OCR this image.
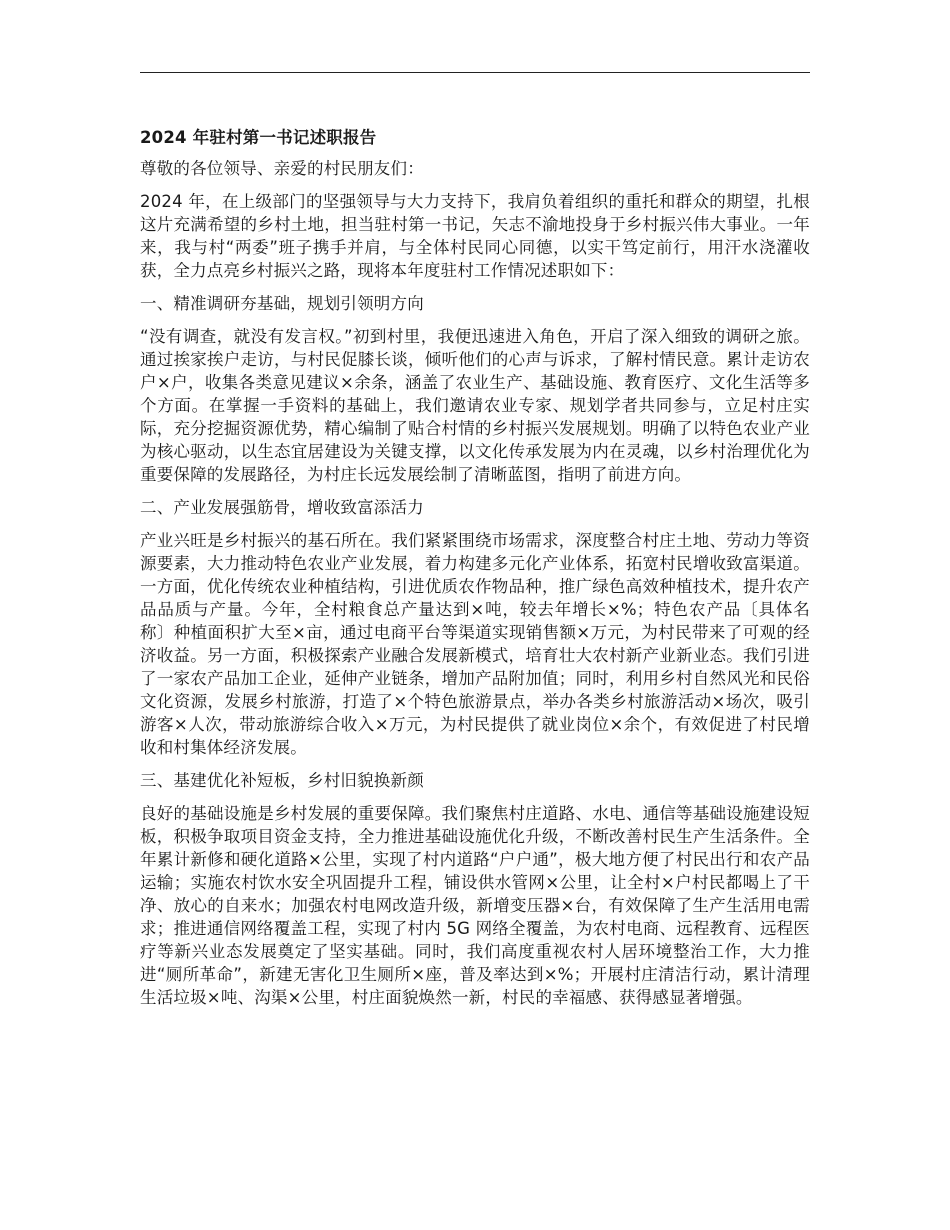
2024 年驻村第一书记述职报告

尊敬的各位领导、亲爱的村民朋友们：

2024 年，在上级部门的坚强领导与大力支持下，我肩负着组织的重托和群众的期望，扎根这片充满希望的乡村土地，担当驻村第一书记，矢志不渝地投身于乡村振兴伟大事业。一年来，我与村“两委”班子携手并肩，与全体村民同心同德，以实干笃定前行，用汗水浇灌收获，全力点亮乡村振兴之路，现将本年度驻村工作情况述职如下：

一、精准调研夯基础，规划引领明方向

“没有调查，就没有发言权。”初到村里，我便迅速进入角色，开启了深入细致的调研之旅。通过挨家挨户走访，与村民促膝长谈，倾听他们的心声与诉求，了解村情民意。累计走访农户×户，收集各类意见建议×余条，涵盖了农业生产、基础设施、教育医疗、文化生活等多个方面。在掌握一手资料的基础上，我们邀请农业专家、规划学者共同参与，立足村庄实际，充分挖掘资源优势，精心编制了贴合村情的乡村振兴发展规划。明确了以特色农业产业为核心驱动，以生态宜居建设为关键支撑，以文化传承发展为内在灵魂，以乡村治理优化为重要保障的发展路径，为村庄长远发展绘制了清晰蓝图，指明了前进方向。

二、产业发展强筋骨，增收致富添活力

产业兴旺是乡村振兴的基石所在。我们紧紧围绕市场需求，深度整合村庄土地、劳动力等资源要素，大力推动特色农业产业发展，着力构建多元化产业体系，拓宽村民增收致富渠道。一方面，优化传统农业种植结构，引进优质农作物品种，推广绿色高效种植技术，提升农产品品质与产量。今年，全村粮食总产量达到×吨，较去年增长×%；特色农产品〔具体名称〕种植面积扩大至×亩，通过电商平台等渠道实现销售额×万元，为村民带来了可观的经济收益。另一方面，积极探索产业融合发展新模式，培育壮大农村新产业新业态。我们引进了一家农产品加工企业，延伸产业链条，增加产品附加值；同时，利用乡村自然风光和民俗文化资源，发展乡村旅游，打造了×个特色旅游景点，举办各类乡村旅游活动×场次，吸引游客×人次，带动旅游综合收入×万元，为村民提供了就业岗位×余个，有效促进了村民增收和村集体经济发展。

三、基建优化补短板，乡村旧貌换新颜

良好的基础设施是乡村发展的重要保障。我们聚焦村庄道路、水电、通信等基础设施建设短板，积极争取项目资金支持，全力推进基础设施优化升级，不断改善村民生产生活条件。全年累计新修和硬化道路×公里，实现了村内道路“户户通”，极大地方便了村民出行和农产品运输；实施农村饮水安全巩固提升工程，铺设供水管网×公里，让全村×户村民都喝上了干净、放心的自来水；加强农村电网改造升级，新增变压器×台，有效保障了生产生活用电需求；推进通信网络覆盖工程，实现了村内 5G 网络全覆盖，为农村电商、远程教育、远程医疗等新兴业态发展奠定了坚实基础。同时，我们高度重视农村人居环境整治工作，大力推进“厕所革命”，新建无害化卫生厕所×座，普及率达到×%；开展村庄清洁行动，累计清理生活垃圾×吨、沟渠×公里，村庄面貌焕然一新，村民的幸福感、获得感显著增强。
